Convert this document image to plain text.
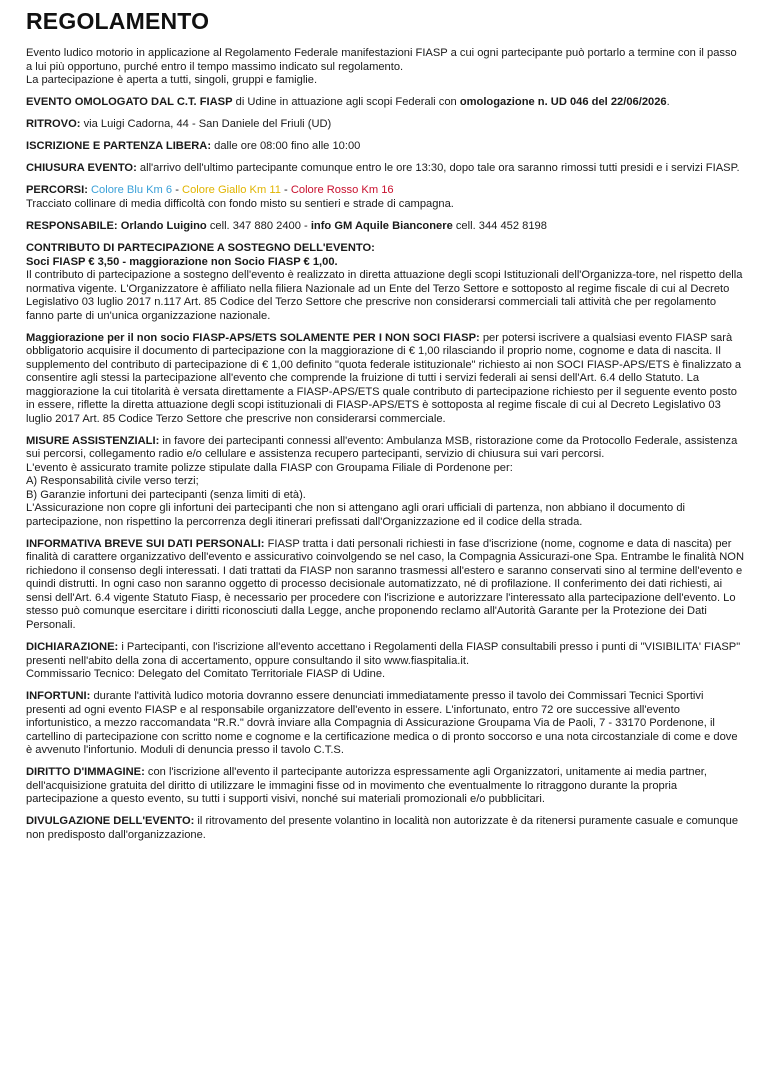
REGOLAMENTO

Evento ludico motorio in applicazione al Regolamento Federale manifestazioni FIASP a cui ogni partecipante può portarlo a termine con il passo a lui più opportuno, purché entro il tempo massimo indicato sul regolamento.
La partecipazione è aperta a tutti, singoli, gruppi e famiglie.

EVENTO OMOLOGATO DAL C.T. FIASP di Udine in attuazione agli scopi Federali con omologazione n. UD 046 del 22/06/2026.

RITROVO: via Luigi Cadorna, 44 - San Daniele del Friuli (UD)

ISCRIZIONE E PARTENZA LIBERA: dalle ore 08:00 fino alle 10:00

CHIUSURA EVENTO: all'arrivo dell'ultimo partecipante comunque entro le ore 13:30, dopo tale ora saranno rimossi tutti presidi e i servizi FIASP.

PERCORSI: Colore Blu Km 6 - Colore Giallo Km 11 - Colore Rosso Km 16
Tracciato collinare di media difficoltà con fondo misto su sentieri e strade di campagna.

RESPONSABILE: Orlando Luigino cell. 347 880 2400 - info GM Aquile Bianconere cell. 344 452 8198

CONTRIBUTO DI PARTECIPAZIONE A SOSTEGNO DELL'EVENTO:
Soci FIASP € 3,50 - maggiorazione non Socio FIASP € 1,00.
Il contributo di partecipazione a sostegno dell'evento è realizzato in diretta attuazione degli scopi Istituzionali dell'Organizza-tore, nel rispetto della normativa vigente. L'Organizzatore è affiliato nella filiera Nazionale ad un Ente del Terzo Settore e sottoposto al regime fiscale di cui al Decreto Legislativo 03 luglio 2017 n.117 Art. 85 Codice del Terzo Settore che prescrive non considerarsi commerciali tali attività che per regolamento fanno parte di un'unica organizzazione nazionale.

Maggiorazione per il non socio FIASP-APS/ETS SOLAMENTE PER I NON SOCI FIASP: per potersi iscrivere a qualsiasi evento FIASP sarà obbligatorio acquisire il documento di partecipazione con la maggiorazione di € 1,00 rilasciando il proprio nome, cognome e data di nascita. Il supplemento del contributo di partecipazione di € 1,00 definito "quota federale istituzionale" richiesto ai non SOCI FIASP-APS/ETS è finalizzato a consentire agli stessi la partecipazione all'evento che comprende la fruizione di tutti i servizi federali ai sensi dell'Art. 6.4 dello Statuto. La maggiorazione la cui titolarità è versata direttamente a FIASP-APS/ETS quale contributo di partecipazione richiesto per il seguente evento posto in essere, riflette la diretta attuazione degli scopi istituzionali di FIASP-APS/ETS è sottoposta al regime fiscale di cui al Decreto Legislativo 03 luglio 2017 Art. 85 Codice Terzo Settore che prescrive non considerarsi commerciale.

MISURE ASSISTENZIALI: in favore dei partecipanti connessi all'evento: Ambulanza MSB, ristorazione come da Protocollo Federale, assistenza sui percorsi, collegamento radio e/o cellulare e assistenza recupero partecipanti, servizio di chiusura sui vari percorsi.
L'evento è assicurato tramite polizze stipulate dalla FIASP con Groupama Filiale di Pordenone per:
A) Responsabilità civile verso terzi;
B) Garanzie infortuni dei partecipanti (senza limiti di età).
L'Assicurazione non copre gli infortuni dei partecipanti che non si attengano agli orari ufficiali di partenza, non abbiano il documento di partecipazione, non rispettino la percorrenza degli itinerari prefissati dall'Organizzazione ed il codice della strada.

INFORMATIVA BREVE SUI DATI PERSONALI: FIASP tratta i dati personali richiesti in fase d'iscrizione (nome, cognome e data di nascita) per finalità di carattere organizzativo dell'evento e assicurativo coinvolgendo se nel caso, la Compagnia Assicurazi-one Spa. Entrambe le finalità NON richiedono il consenso degli interessati. I dati trattati da FIASP non saranno trasmessi all'estero e saranno conservati sino al termine dell'evento e quindi distrutti. In ogni caso non saranno oggetto di processo decisionale automatizzato, né di profilazione. Il conferimento dei dati richiesti, ai sensi dell'Art. 6.4 vigente Statuto Fiasp, è necessario per procedere con l'iscrizione e autorizzare l'interessato alla partecipazione dell'evento. Lo stesso può comunque esercitare i diritti riconosciuti dalla Legge, anche proponendo reclamo all'Autorità Garante per la Protezione dei Dati Personali.

DICHIARAZIONE: i Partecipanti, con l'iscrizione all'evento accettano i Regolamenti della FIASP consultabili presso i punti di "VISIBILITA' FIASP" presenti nell'abito della zona di accertamento, oppure consultando il sito www.fiaspitalia.it.
Commissario Tecnico: Delegato del Comitato Territoriale FIASP di Udine.

INFORTUNI: durante l'attività ludico motoria dovranno essere denunciati immediatamente presso il tavolo dei Commissari Tecnici Sportivi presenti ad ogni evento FIASP e al responsabile organizzatore dell'evento in essere. L'infortunato, entro 72 ore successive all'evento infortunistico, a mezzo raccomandata "R.R." dovrà inviare alla Compagnia di Assicurazione Groupama Via de Paoli, 7 - 33170 Pordenone, il cartellino di partecipazione con scritto nome e cognome e la certificazione medica o di pronto soccorso e una nota circostanziale di come e dove è avvenuto l'infortunio. Moduli di denuncia presso il tavolo C.T.S.

DIRITTO D'IMMAGINE: con l'iscrizione all'evento il partecipante autorizza espressamente agli Organizzatori, unitamente ai media partner, dell'acquisizione gratuita del diritto di utilizzare le immagini fisse od in movimento che eventualmente lo ritraggono durante la propria partecipazione a questo evento, su tutti i supporti visivi, nonché sui materiali promozionali e/o pubblicitari.

DIVULGAZIONE DELL'EVENTO: il ritrovamento del presente volantino in località non autorizzate è da ritenersi puramente casuale e comunque non predisposto dall'organizzazione.
